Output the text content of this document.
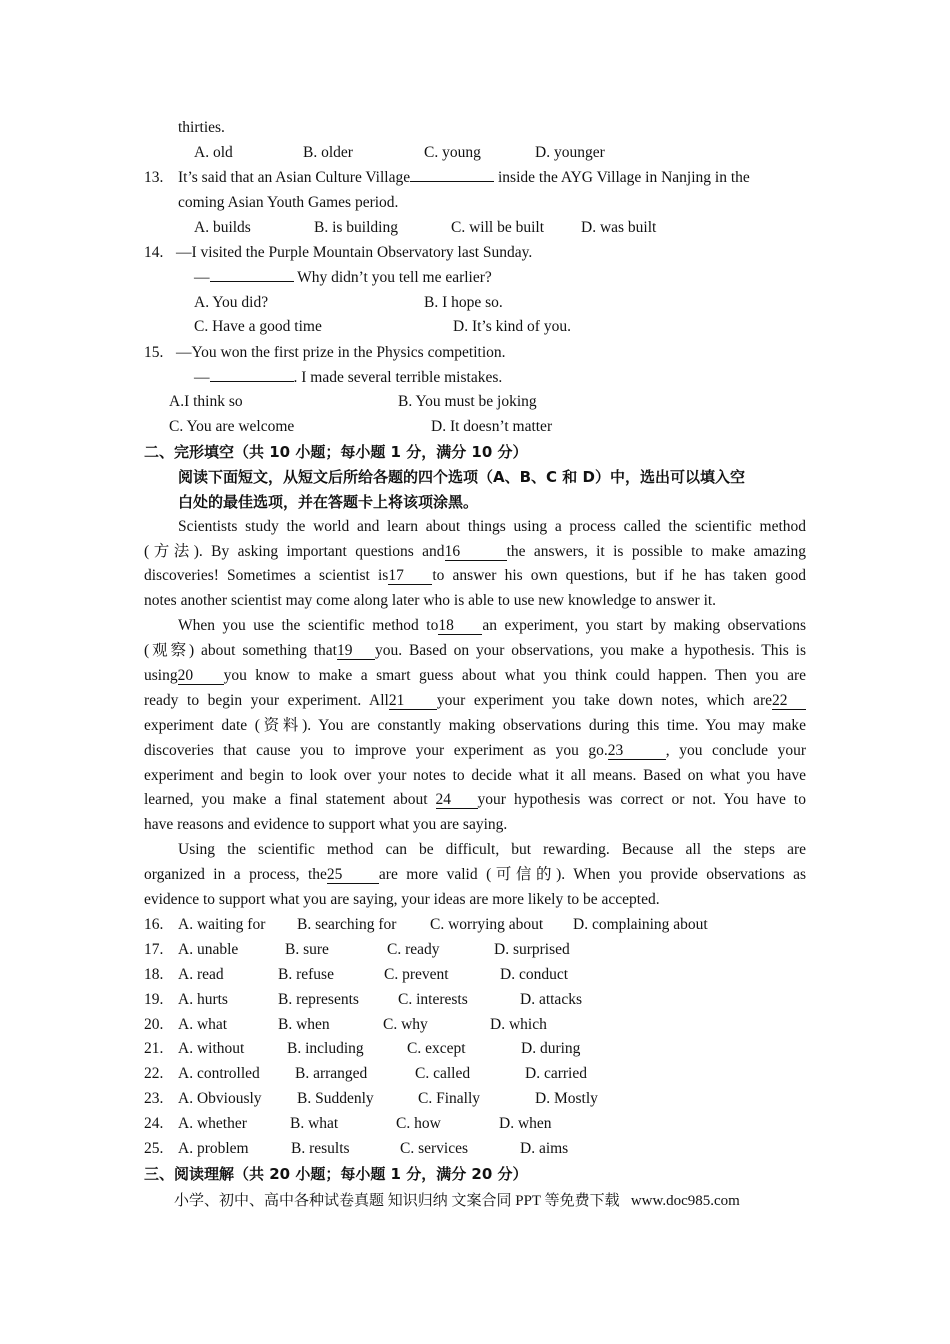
thirties.
A. old	B. older	C. young	D. younger
13. It’s said that an Asian Culture Village	inside the AYG Village in Nanjing in the
coming Asian Youth Games period.
A. builds	B. is building	C. will be built D. was built
14. —I visited the Purple Mountain Observatory last Sunday.
—	Why didn’t you tell me earlier?
A. You did?	B. I hope so.
C. Have a good time	D. It’s kind of you.
15. —You won the first prize in the Physics competition.
—	. I made several terrible mistakes.
A.I think so	B. You must be joking
C. You are welcome	D. It doesn’t matter
二、完形填空（共 10 小题；每小题 1 分，满分 10 分）
阅读下面短文，从短文后所给各题的四个选项（A、B、C 和 D）中，选出可以填入空
白处的最佳选项，并在答题卡上将该项涂黑。
Scientists study the world and learn about things using a process called the scientific method
(方法). By asking important questions and16	the answers, it is possible to make amazing
discoveries! Sometimes a scientist is17 to answer his own questions, but if he has taken good
notes another scientist may come along later who is able to use new knowledge to answer it.
When you use the scientific method to18 an experiment, you start by making observations
(观察) about something that19 you. Based on your observations, you make a hypothesis. This is
using20 you know to make a smart guess about what you think could happen. Then you are
ready to begin your experiment. All21 your experiment you take down notes, which are22
experiment date (资料). You are constantly making observations during this time. You may make
discoveries that cause you to improve your experiment as you go.23	, you conclude your
experiment and begin to look over your notes to decide what it all means. Based on what you have
learned, you make a final statement about 24 your hypothesis was correct or not. You have to
have reasons and evidence to support what you are saying.
Using the scientific method can be difficult, but rewarding. Because all the steps are
organized in a process, the25 are more valid (可信的). When you provide observations as
evidence to support what you are saying, your ideas are more likely to be accepted.
16. A. waiting for B. searching for C. worrying about D. complaining about
17. A. unable	B. sure	C. ready	D. surprised
18. A. read	B. refuse	C. prevent	D. conduct
19. A. hurts	B. represents	C. interests	D. attacks
20. A. what	B. when	C. why	D. which
21. A. without	B. including	C. except	D. during
22. A. controlled B. arranged	C. called	D. carried
23. A. Obviously B. Suddenly	C. Finally	D. Mostly
24. A. whether	B. what	C. how	D. when
25. A. problem	B. results	C. services	D. aims
三、阅读理解（共 20 小题；每小题 1 分，满分 20 分）
小学、初中、高中各种试卷真题 知识归纳 文案合同 PPT 等免费下载   www.doc985.com
